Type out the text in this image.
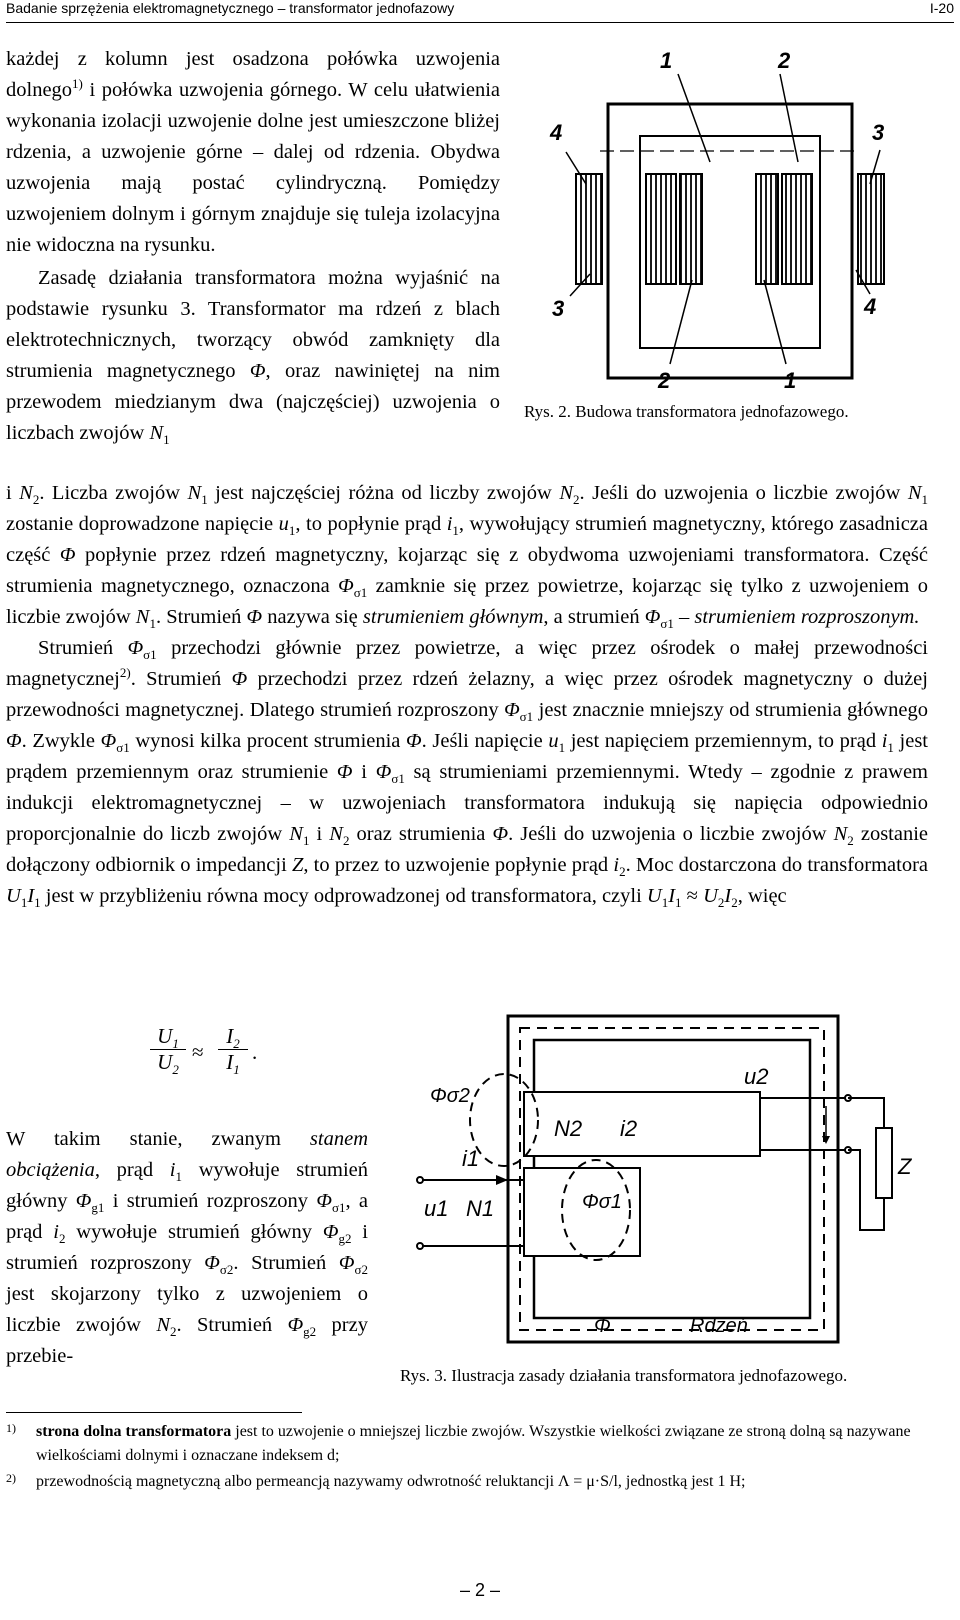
Badanie sprzężenia elektromagnetycznego – transformator jednofazowy	I-20

każdej z kolumn jest osadzona połówka uzwojenia dolnego$^{1)}$ i połówka uzwojenia górnego. W celu ułatwienia wykonania izolacji uzwojenie dolne jest umieszczone bliżej rdzenia, a uzwojenie górne – dalej od rdzenia. Obydwa uzwojenia mają postać cylindryczną. Pomiędzy uzwojeniem dolnym i górnym znajduje się tuleja izolacyjna nie widoczna na rysunku.

Zasadę działania transformatora można wyjaśnić na podstawie rysunku 3. Transformator ma rdzeń z blach elektrotechnicznych, tworzący obwód zamknięty dla strumienia magnetycznego Φ, oraz nawiniętej na nim przewodem miedzianym dwa (najczęściej) uzwojenia o liczbach zwojów $N_1$

1	2
3
4
3	4
2	1
Rys. 2. Budowa transformatora jednofazowego.

i $N_2$. Liczba zwojów $N_1$ jest najczęściej różna od liczby zwojów $N_2$. Jeśli do uzwojenia o liczbie zwojów $N_1$ zostanie doprowadzone napięcie $u_1$, to popłynie prąd $i_1$, wywołujący strumień magnetyczny, którego zasadnicza część Φ popłynie przez rdzeń magnetyczny, kojarząc się z obydwoma uzwojeniami transformatora. Część strumienia magnetycznego, oznaczona $\Phi_{\sigma 1}$ zamknie się przez powietrze, kojarząc się tylko z uzwojeniem o liczbie zwojów $N_1$. Strumień Φ nazywa się strumieniem głównym, a strumień $\Phi_{\sigma 1}$ – strumieniem rozproszonym.

Strumień $\Phi_{\sigma 1}$ przechodzi głównie przez powietrze, a więc przez ośrodek o małej przewodności magnetycznej$^{2)}$. Strumień Φ przechodzi przez rdzeń żelazny, a więc przez ośrodek magnetyczny o dużej przewodności magnetycznej. Dlatego strumień rozproszony $\Phi_{\sigma 1}$ jest znacznie mniejszy od strumienia głównego Φ. Zwykle $\Phi_{\sigma 1}$ wynosi kilka procent strumienia Φ. Jeśli napięcie $u_1$ jest napięciem przemiennym, to prąd $i_1$ jest prądem przemiennym oraz strumienie Φ i $\Phi_{\sigma 1}$ są strumieniami przemiennymi. Wtedy – zgodnie z prawem indukcji elektromagnetycznej – w uzwojeniach transformatora indukują się napięcia odpowiednio proporcjonalnie do liczb zwojów $N_1$ i $N_2$ oraz strumienia Φ. Jeśli do uzwojenia o liczbie zwojów $N_2$ zostanie dołączony odbiornik o impedancji Z, to przez to uzwojenie popłynie prąd $i_2$. Moc dostarczona do transformatora $U_1I_1$ jest w przybliżeniu równa mocy odprowadzonej od transformatora, czyli $U_1I_1 \approx U_2I_2$, więc

$\frac{U_1}{U_2} \approx \frac{I_2}{I_1}$ .

W takim stanie, zwanym stanem obciążenia, prąd $i_1$ wywołuje strumień główny $\Phi_{g1}$ i strumień rozproszony $\Phi_{\sigma 1}$, a prąd $i_2$ wywołuje strumień główny $\Phi_{g2}$ i strumień rozproszony $\Phi_{\sigma 2}$. Strumień $\Phi_{\sigma 2}$ jest skojarzony tylko z uzwojeniem o liczbie zwojów $N_2$. Strumień $\Phi_{g2}$ przy przebie-

Φσ2
N2 i2
u2
Z
i1
u1 N1	Φσ1
Φ	Rdzeń
Rys. 3. Ilustracja zasady działania transformatora jednofazowego.
1) strona dolna transformatora jest to uzwojenie o mniejszej liczbie zwojów. Wszystkie wielkości związane ze stroną dolną są nazywane wielkościami dolnymi i oznaczane indeksem d;
2) przewodnością magnetyczną albo permeancją nazywamy odwrotność reluktancji Λ = μ·S/l, jednostką jest 1 H;
– 2 –
